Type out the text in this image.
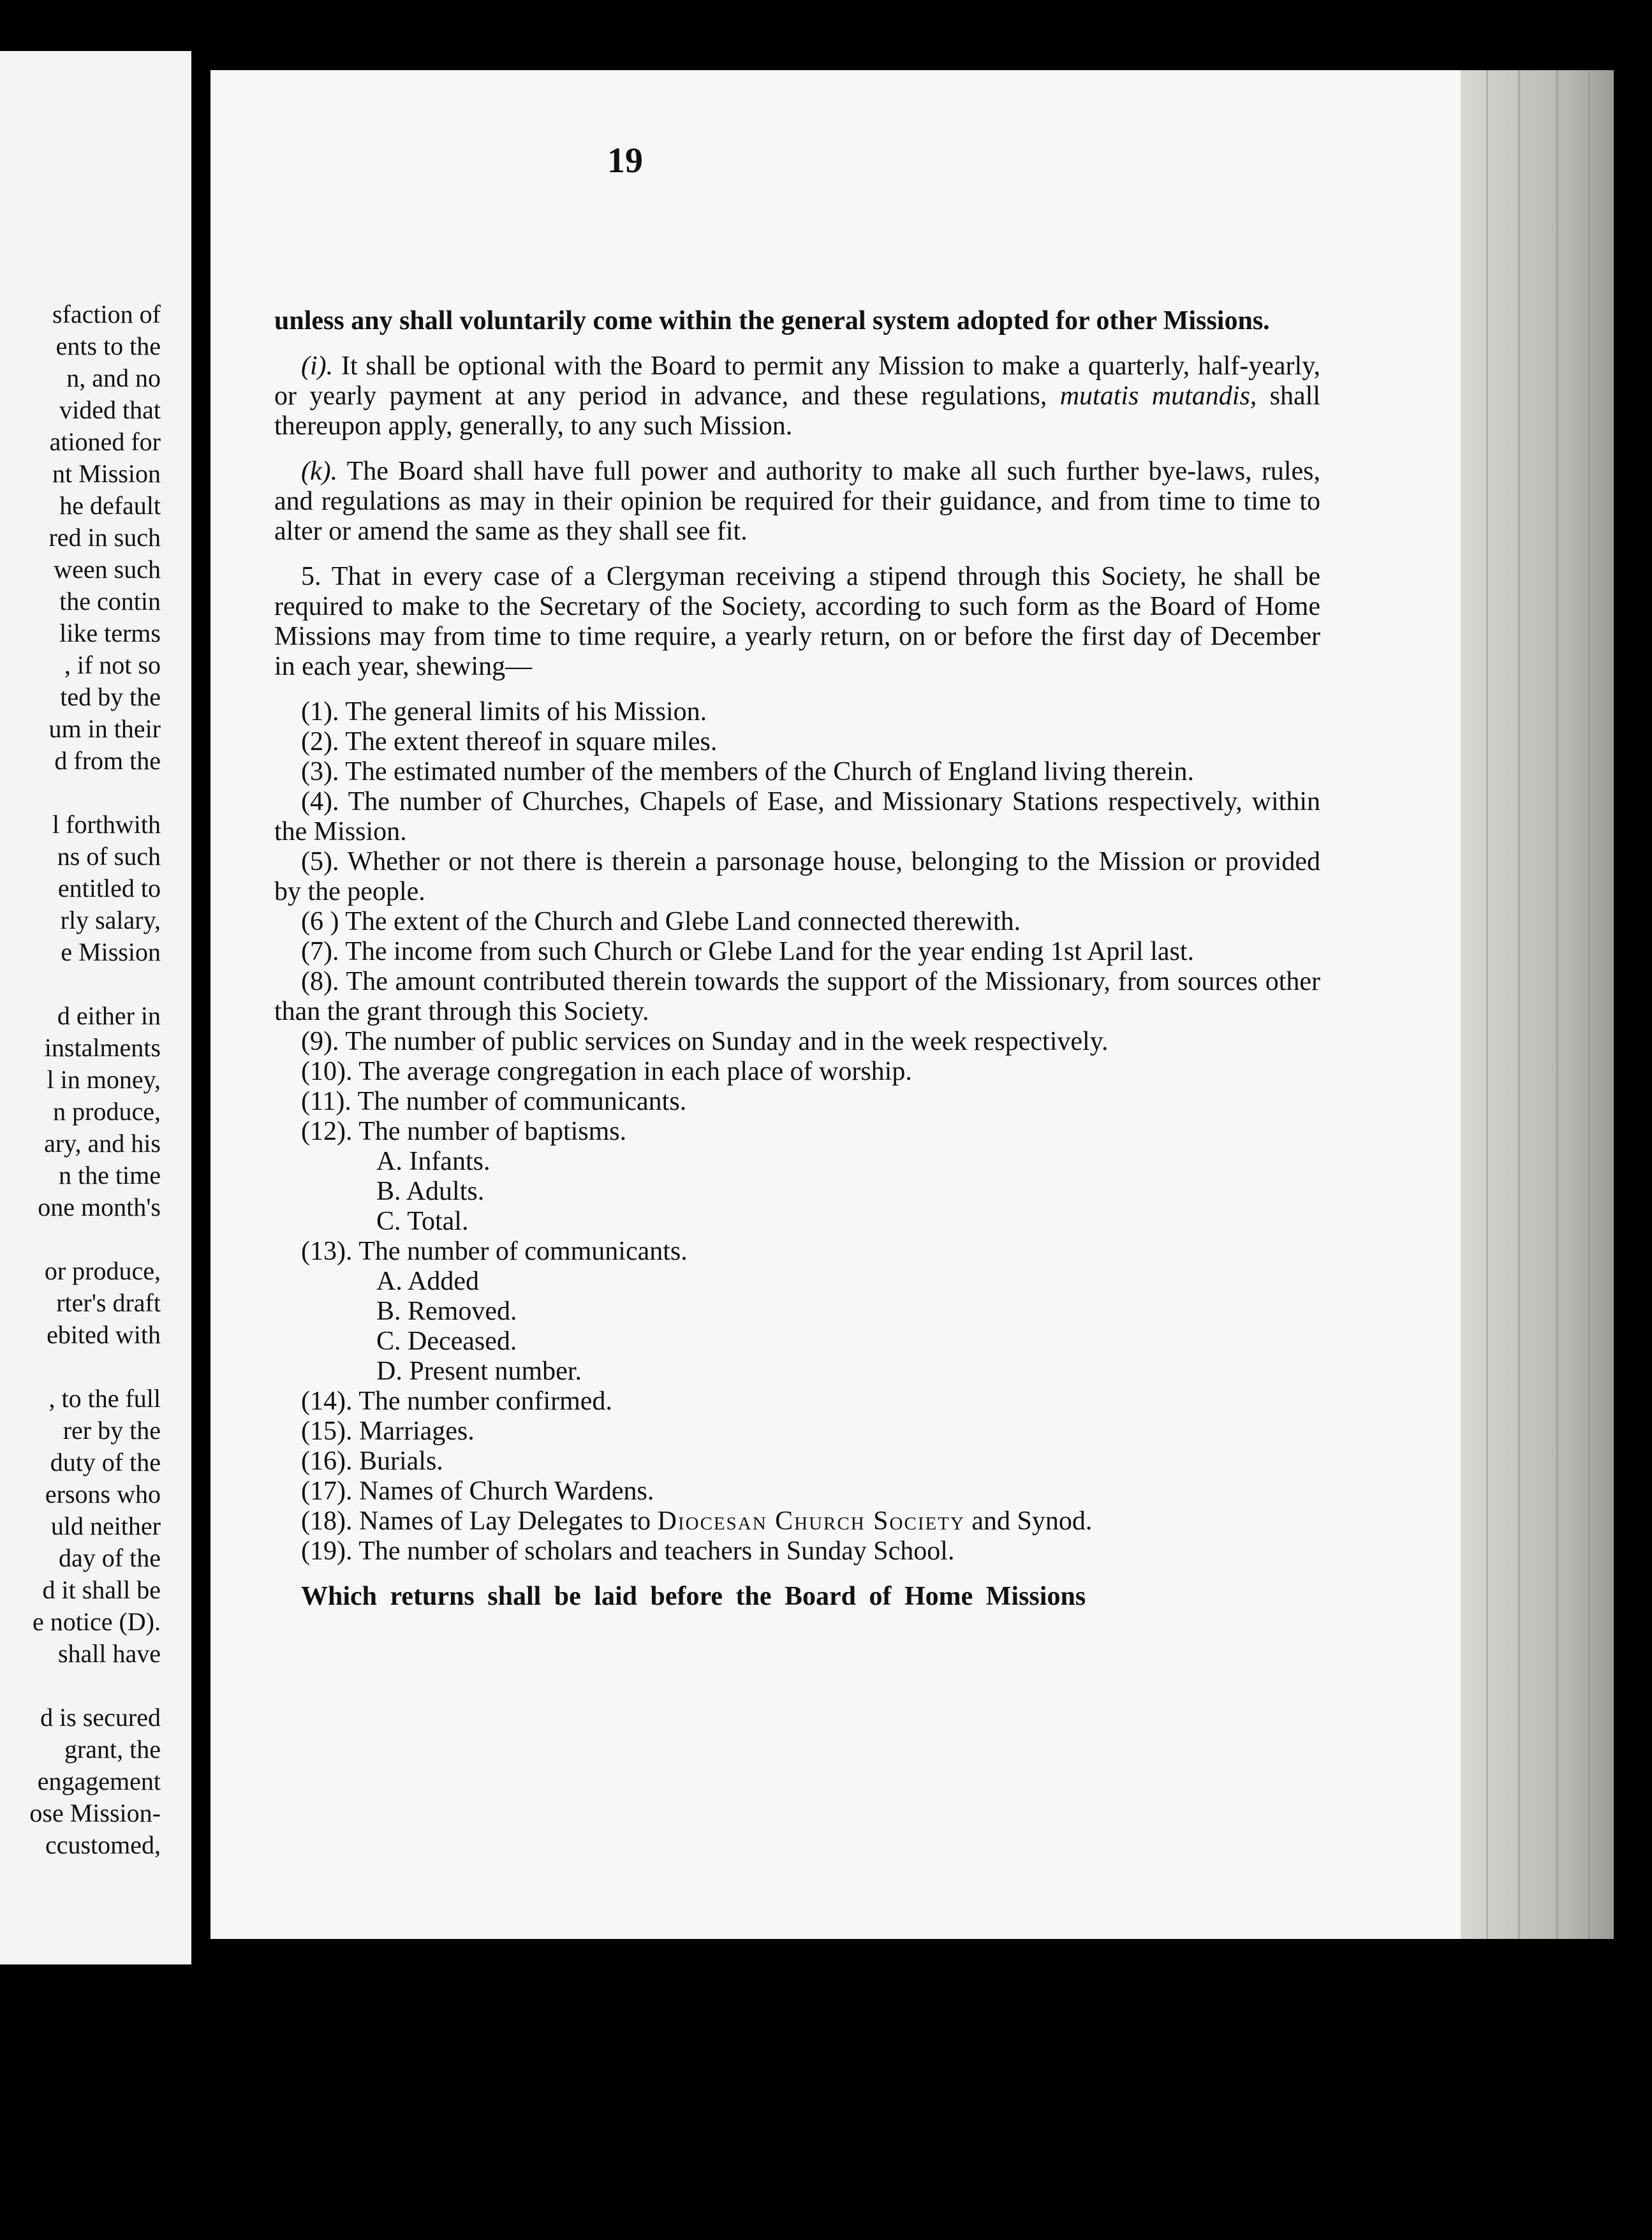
sfaction of
ents to the
n, and no
vided that
ationed for
nt Mission
he default
red in such
ween such
the contin
like terms
, if not so
ted by the
um in their
d from the
l forthwith
ns of such
entitled to
rly salary,
e Mission
d either in
instalments
l in money,
n produce,
ary, and his
n the time
one month's
or produce,
rter's draft
ebited with
, to the full
rer by the
duty of the
ersons who
uld neither
day of the
d it shall be
e notice (D).
shall have
d is secured
grant, the
engagement
ose Mission-
ccustomed,
19

unless any shall voluntarily come within the general system adopted for other Missions.

(i). It shall be optional with the Board to permit any Mission to make a quarterly, half-yearly, or yearly payment at any period in advance, and these regulations, mutatis mutandis, shall thereupon apply, generally, to any such Mission.

(k). The Board shall have full power and authority to make all such further bye-laws, rules, and regulations as may in their opinion be required for their guidance, and from time to time to alter or amend the same as they shall see fit.

5. That in every case of a Clergyman receiving a stipend through this Society, he shall be required to make to the Secretary of the Society, according to such form as the Board of Home Missions may from time to time require, a yearly return, on or before the first day of December in each year, shewing—

(1). The general limits of his Mission.

(2). The extent thereof in square miles.

(3). The estimated number of the members of the Church of England living therein.

(4). The number of Churches, Chapels of Ease, and Missionary Stations respectively, within the Mission.

(5). Whether or not there is therein a parsonage house, belonging to the Mission or provided by the people.

(6 ) The extent of the Church and Glebe Land connected therewith.

(7). The income from such Church or Glebe Land for the year ending 1st April last.

(8). The amount contributed therein towards the support of the Missionary, from sources other than the grant through this Society.

(9). The number of public services on Sunday and in the week respectively.

(10). The average congregation in each place of worship.

(11). The number of communicants.

(12). The number of baptisms.

A. Infants.

B. Adults.

C. Total.

(13). The number of communicants.

A. Added

B. Removed.

C. Deceased.

D. Present number.

(14). The number confirmed.

(15). Marriages.

(16). Burials.

(17). Names of Church Wardens.

(18). Names of Lay Delegates to Diocesan Church Society and Synod.

(19). The number of scholars and teachers in Sunday School.

Which returns shall be laid before the Board of Home Missions
